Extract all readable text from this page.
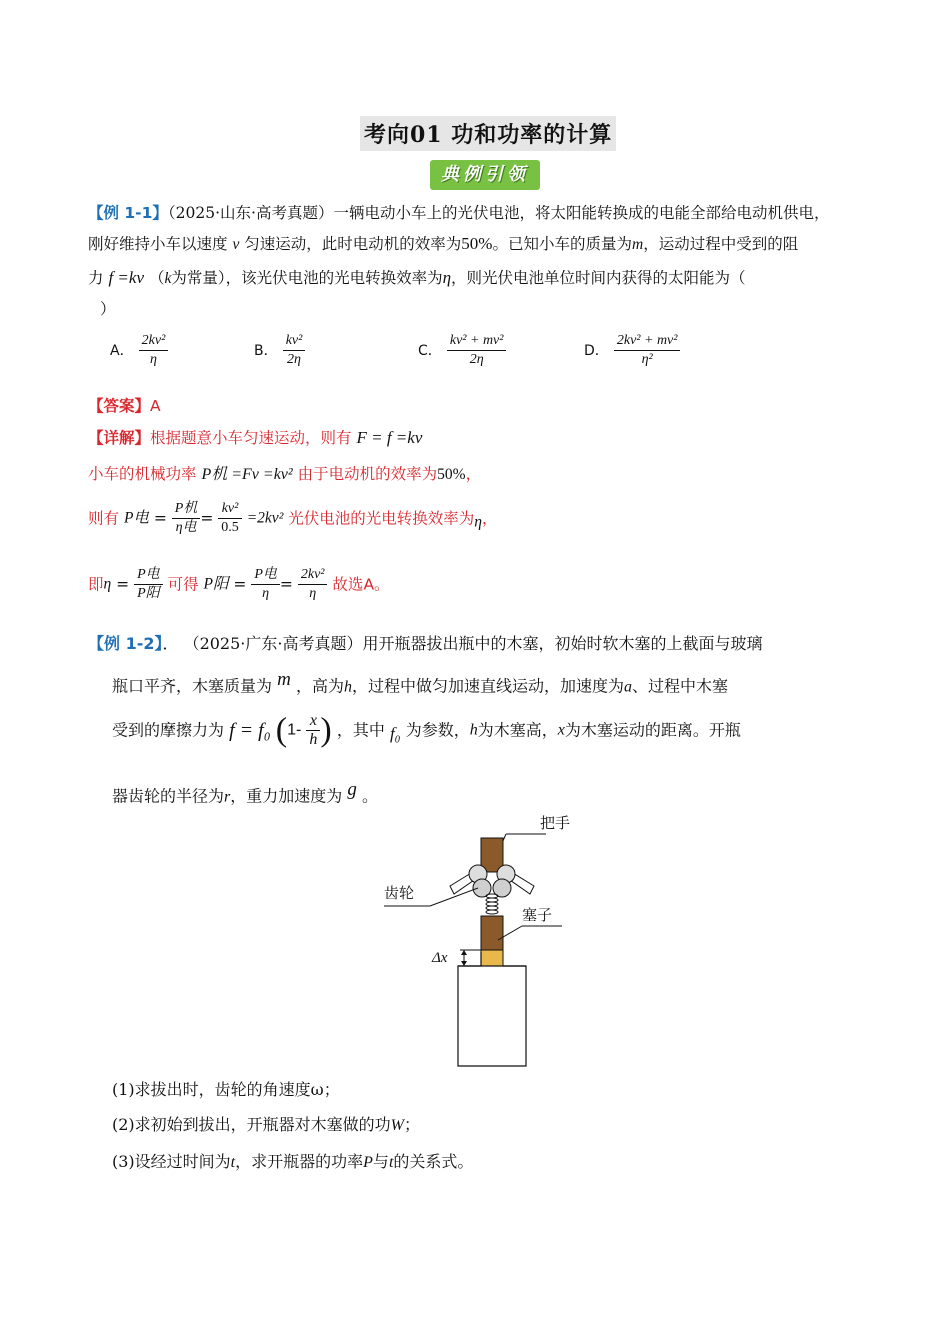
考向01 功和功率的计算
典例引领
【例 1-1】（2025·山东·高考真题）一辆电动小车上的光伏电池，将太阳能转换成的电能全部给电动机供电，
刚好维持小车以速度 v 匀速运动，此时电动机的效率为50%。已知小车的质量为m，运动过程中受到的阻
力 f =kv （k为常量），该光伏电池的光电转换效率为η，则光伏电池单位时间内获得的太阳能为（
）
A． $\frac{\text{2kv²}}{\eta}$	B． $\frac{\text{kv²}}{2\eta}$	C． $\frac{\text{kv² + mv²}}{2\eta}$	D． $\frac{\text{2kv² + mv²}}{\text{η²}}$
【答案】A
【详解】根据题意小车匀速运动，则有 F = f =kv
小车的机械功率 P机 =Fv =kv² 由于电动机的效率为50%，
则有 P电 = $\frac{\text{P机}}{\text{η电}} = \frac{\text{kv²}}{0.5} =2kv^2$ 光伏电池的光电转换效率为η，
即$\eta = \frac{\text{P电}}{\text{P阳}}$ 可得 P阳 = $\frac{\text{P电}}{\eta} = \frac{\text{2kv²}}{\eta}$ 故选A。
【例 1-2】． （2025·广东·高考真题）用开瓶器拔出瓶中的木塞，初始时软木塞的上截面与玻璃
瓶口平齐，木塞质量为 m ，高为h，过程中做匀加速直线运动，加速度为a、过程中木塞
受到的摩擦力为 f = f₀ ($1- \frac{x}{h}$ ) ，其中 f₀ 为参数，h为木塞高，x为木塞运动的距离。开瓶
器齿轮的半径为r，重力加速度为 g 。
把手
齿轮
塞子
Δx
(1)求拔出时，齿轮的角速度ω；
(2)求初始到拔出，开瓶器对木塞做的功W；
(3)设经过时间为t，求开瓶器的功率P与t的关系式。
